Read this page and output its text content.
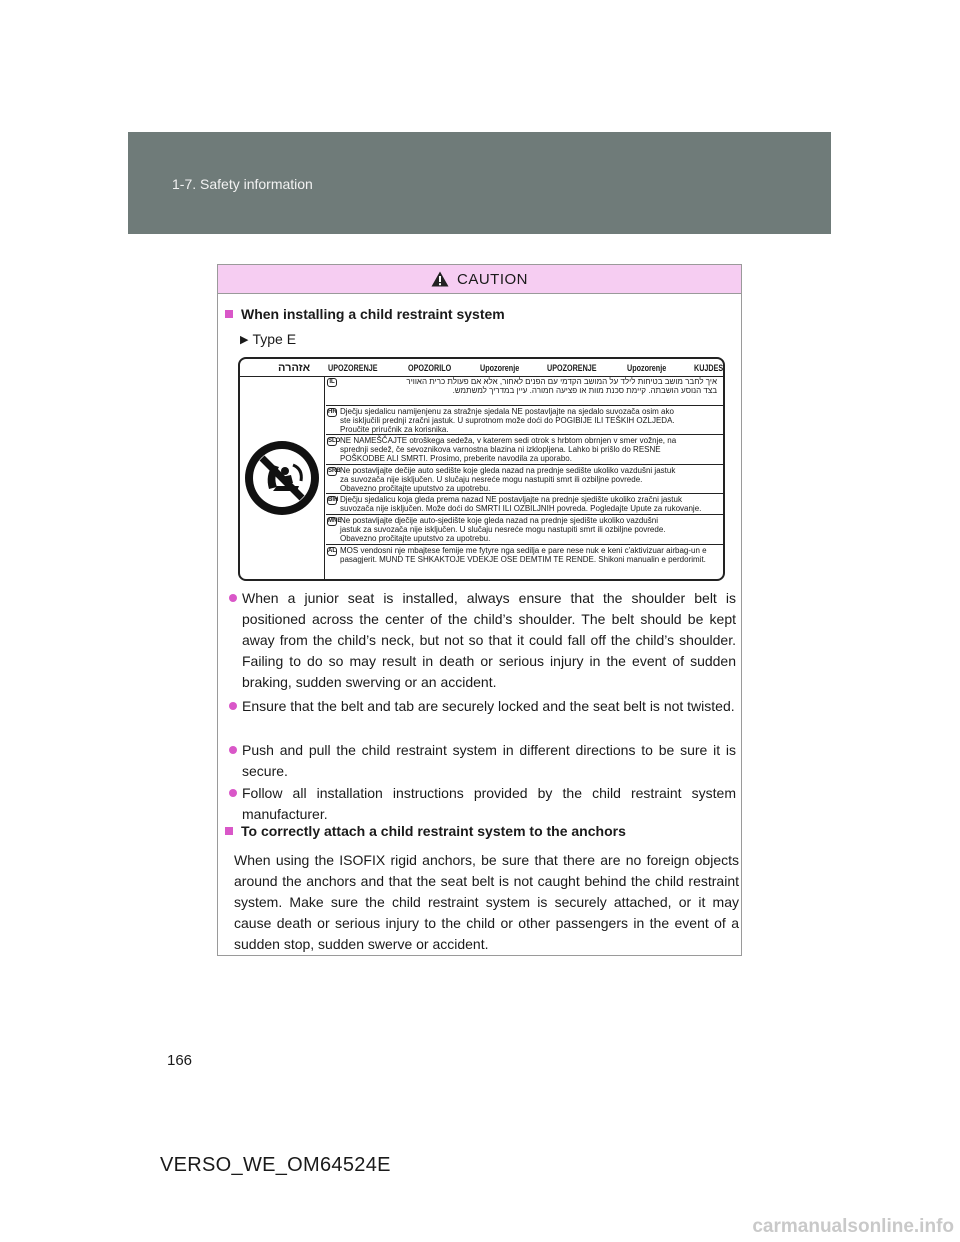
1-7. Safety information
CAUTION
When installing a child restraint system
▶ Type E
אזהרה UPOZORENJE	OPOZORILO	Upozorenje	UPOZORENJE	Upozorenje	KUJDES
IL	איך לחבר מושב בטיחות לילד על המושב הקדמי עם הפנים לאחור, אלא אם פעולת כרית האוויר
בצד הנוסע הושבתה. קיימת סכנת מוות או פציעה חמורה. עיין במדריך למשתמש.
HR Dječju sjedalicu namijenjenu za stražnje sjedala NE postavljajte na sjedalo suvozača osim ako
ste isključili prednji zračni jastuk. U suprotnom može doći do POGIBIJE ILI TEŠKIH OZLJEDA.
Proučite priručnik za korisnika.
SLO NE NAMEŠČAJTE otroškega sedeža, v katerem sedi otrok s hrbtom obrnjen v smer vožnje, na
sprednji sedež, če sevoznikova varnostna blazina ni izklopljena. Lahko bi prišlo do RESNE
POŠKODBE ALI SMRTI. Prosimo, preberite navodila za uporabo.
SRB Ne postavljajte dečije auto sedište koje gleda nazad na prednje sedište ukoliko vazdušni jastuk
za suvozača nije isključen. U slučaju nesreće mogu nastupiti smrt ili ozbiljne povrede.
Obavezno pročitajte uputstvo za upotrebu.
BIH Dječju sjedalicu koja gleda prema nazad NE postavljajte na prednje sjedište ukoliko zračni jastuk
suvozača nije isključen. Može doći do SMRTI ILI OZBILJNIH povreda. Pogledajte Upute za rukovanje.
MNE
Ne postavljajte dječije auto-sjedište koje gleda nazad na prednje sjedište ukoliko vazdušni
jastuk za suvozača nije isključen. U slučaju nesreće mogu nastupiti smrt ili ozbiljne povrede.
Obavezno pročitajte uputstvo za upotrebu.
AL MOS vendosni nje mbajtese femije me fytyre nga sedilja e pare nese nuk e keni c'aktivizuar airbag-un e
pasagjerit. MUND TE SHKAKTOJE VDEKJE OSE DEMTIM TE RENDE. Shikoni manualin e perdorimit.
When a junior seat is installed, always ensure that the shoulder belt is positioned across the center of the child’s shoulder. The belt should be kept away from the child’s neck, but not so that it could fall off the child’s shoulder. Failing to do so may result in death or serious injury in the event of sudden braking, sudden swerving or an accident.
Ensure that the belt and tab are securely locked and the seat belt is not twisted.
Push and pull the child restraint system in different directions to be sure it is secure.
Follow all installation instructions provided by the child restraint system manufacturer.
To correctly attach a child restraint system to the anchors
When using the ISOFIX rigid anchors, be sure that there are no foreign objects around the anchors and that the seat belt is not caught behind the child restraint system. Make sure the child restraint system is securely attached, or it may cause death or serious injury to the child or other passengers in the event of a sudden stop, sudden swerve or accident.
166
VERSO_WE_OM64524E
carmanualsonline.info
